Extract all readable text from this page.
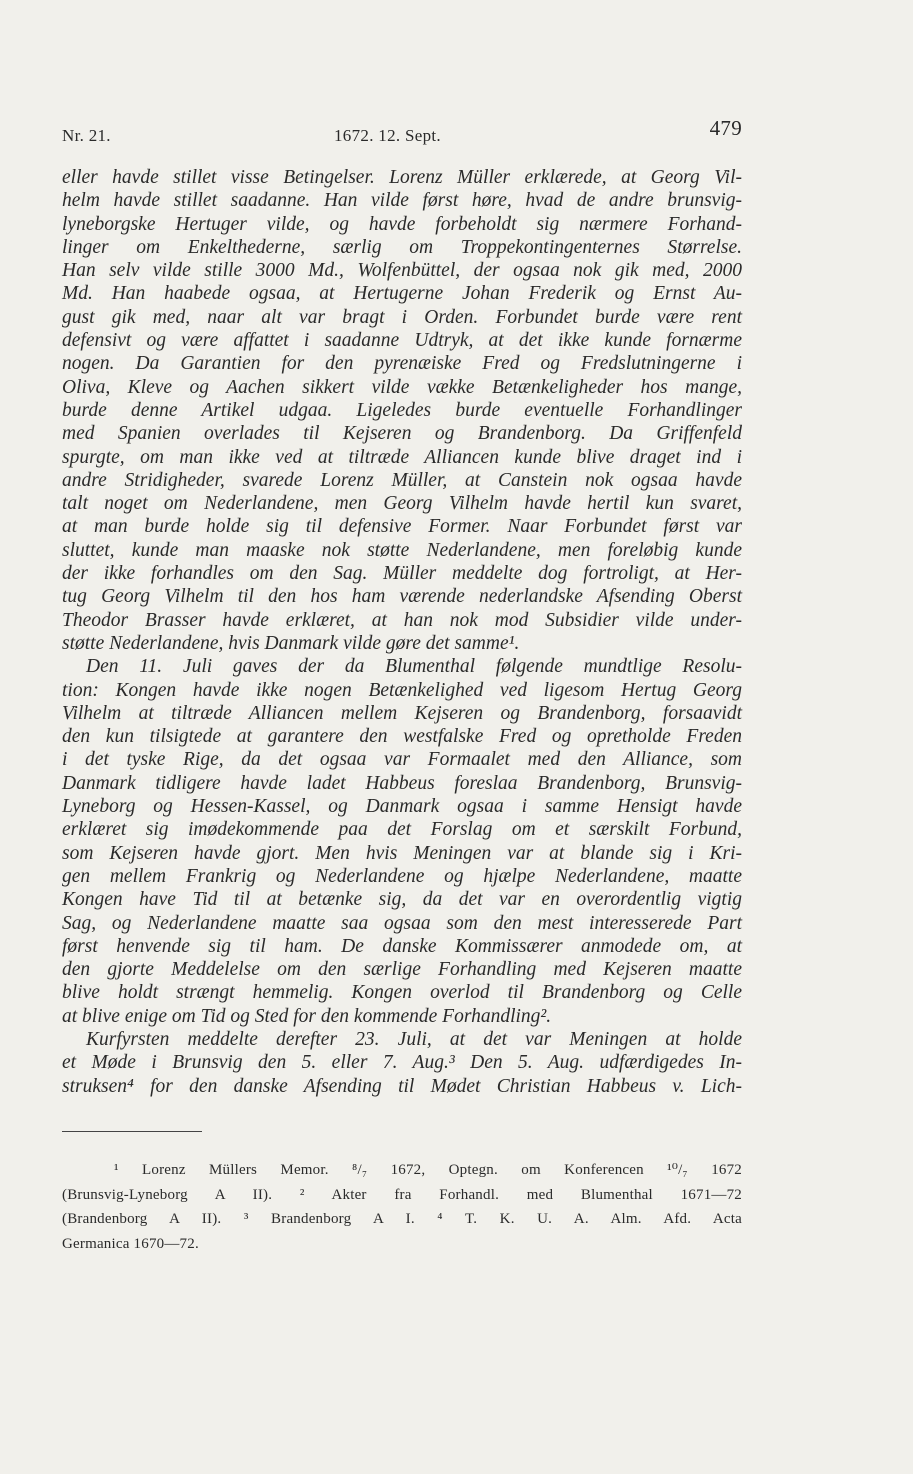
Nr. 21.	1672. 12. Sept.	479

eller havde stillet visse Betingelser. Lorenz Müller erklærede, at Georg Vil-

helm havde stillet saadanne. Han vilde først høre, hvad de andre brunsvig-

lyneborgske Hertuger vilde, og havde forbeholdt sig nærmere Forhand-

linger om Enkelthederne, særlig om Troppekontingenternes Størrelse.

Han selv vilde stille 3000 Md., Wolfenbüttel, der ogsaa nok gik med, 2000

Md. Han haabede ogsaa, at Hertugerne Johan Frederik og Ernst Au-

gust gik med, naar alt var bragt i Orden. Forbundet burde være rent

defensivt og være affattet i saadanne Udtryk, at det ikke kunde fornærme

nogen. Da Garantien for den pyrenæiske Fred og Fredslutningerne i

Oliva, Kleve og Aachen sikkert vilde vække Betænkeligheder hos mange,

burde denne Artikel udgaa. Ligeledes burde eventuelle Forhandlinger

med Spanien overlades til Kejseren og Brandenborg. Da Griffenfeld

spurgte, om man ikke ved at tiltræde Alliancen kunde blive draget ind i

andre Stridigheder, svarede Lorenz Müller, at Canstein nok ogsaa havde

talt noget om Nederlandene, men Georg Vilhelm havde hertil kun svaret,

at man burde holde sig til defensive Former. Naar Forbundet først var

sluttet, kunde man maaske nok støtte Nederlandene, men foreløbig kunde

der ikke forhandles om den Sag. Müller meddelte dog fortroligt, at Her-

tug Georg Vilhelm til den hos ham værende nederlandske Afsending Oberst

Theodor Brasser havde erklæret, at han nok mod Subsidier vilde under-

støtte Nederlandene, hvis Danmark vilde gøre det samme¹.

Den 11. Juli gaves der da Blumenthal følgende mundtlige Resolu-

tion: Kongen havde ikke nogen Betænkelighed ved ligesom Hertug Georg

Vilhelm at tiltræde Alliancen mellem Kejseren og Brandenborg, forsaavidt

den kun tilsigtede at garantere den westfalske Fred og opretholde Freden

i det tyske Rige, da det ogsaa var Formaalet med den Alliance, som

Danmark tidligere havde ladet Habbeus foreslaa Brandenborg, Brunsvig-

Lyneborg og Hessen-Kassel, og Danmark ogsaa i samme Hensigt havde

erklæret sig imødekommende paa det Forslag om et særskilt Forbund,

som Kejseren havde gjort. Men hvis Meningen var at blande sig i Kri-

gen mellem Frankrig og Nederlandene og hjælpe Nederlandene, maatte

Kongen have Tid til at betænke sig, da det var en overordentlig vigtig

Sag, og Nederlandene maatte saa ogsaa som den mest interesserede Part

først henvende sig til ham. De danske Kommissærer anmodede om, at

den gjorte Meddelelse om den særlige Forhandling med Kejseren maatte

blive holdt strængt hemmelig. Kongen overlod til Brandenborg og Celle

at blive enige om Tid og Sted for den kommende Forhandling².

Kurfyrsten meddelte derefter 23. Juli, at det var Meningen at holde

et Møde i Brunsvig den 5. eller 7. Aug.³ Den 5. Aug. udfærdigedes In-

struksen⁴ for den danske Afsending til Mødet Christian Habbeus v. Lich-

¹ Lorenz Müllers Memor. ⁸/₇ 1672, Optegn. om Konferencen ¹⁰/₇ 1672

(Brunsvig-Lyneborg A II). ² Akter fra Forhandl. med Blumenthal 1671—72

(Brandenborg A II). ³ Brandenborg A I. ⁴ T. K. U. A. Alm. Afd. Acta

Germanica 1670—72.
